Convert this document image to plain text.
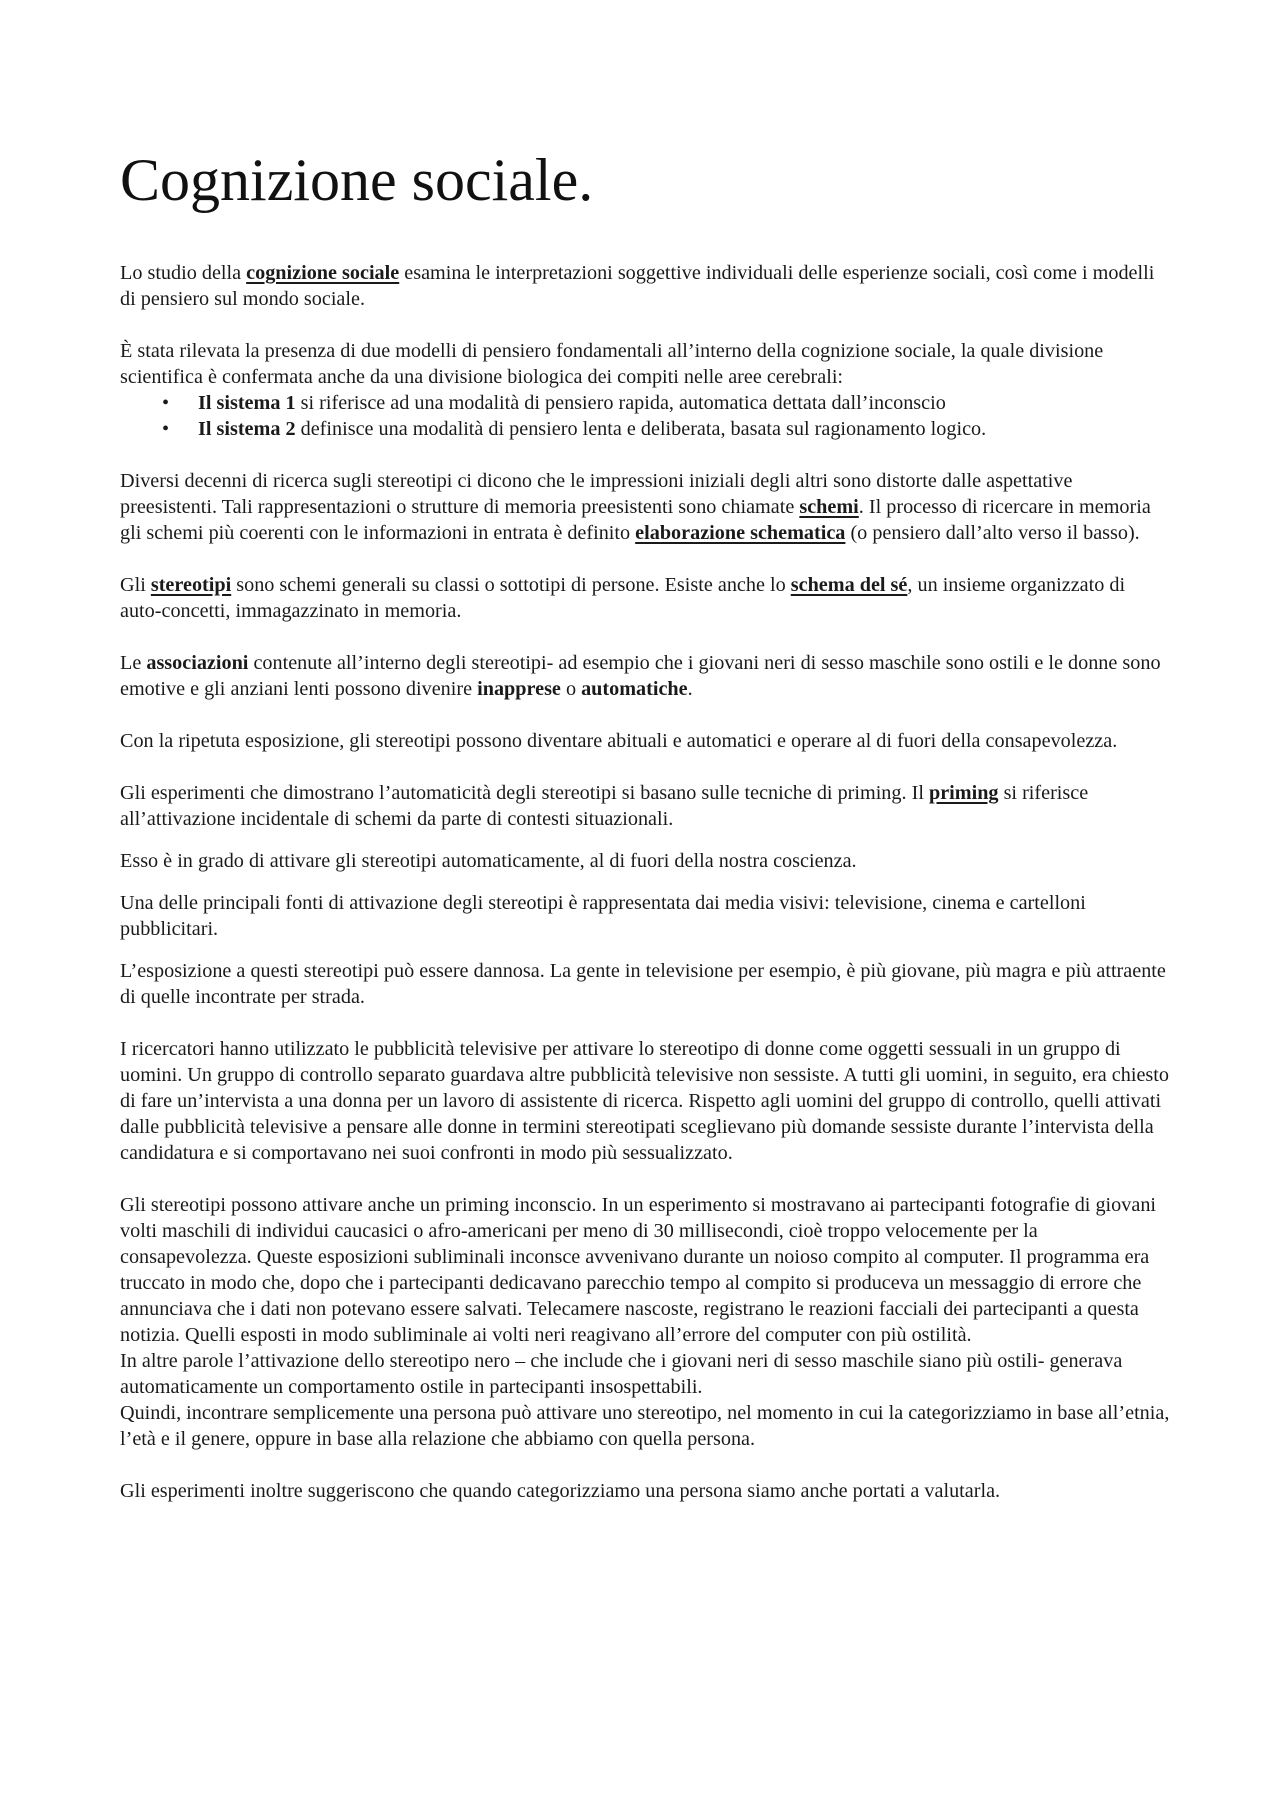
Cognizione sociale.

Lo studio della cognizione sociale esamina le interpretazioni soggettive individuali delle esperienze sociali, così come i modelli di pensiero sul mondo sociale.

È stata rilevata la presenza di due modelli di pensiero fondamentali all’interno della cognizione sociale, la quale divisione scientifica è confermata anche da una divisione biologica dei compiti nelle aree cerebrali:

• Il sistema 1 si riferisce ad una modalità di pensiero rapida, automatica dettata dall’inconscio
• Il sistema 2 definisce una modalità di pensiero lenta e deliberata, basata sul ragionamento logico.

Diversi decenni di ricerca sugli stereotipi ci dicono che le impressioni iniziali degli altri sono distorte dalle aspettative preesistenti. Tali rappresentazioni o strutture di memoria preesistenti sono chiamate schemi. Il processo di ricercare in memoria gli schemi più coerenti con le informazioni in entrata è definito elaborazione schematica (o pensiero dall’alto verso il basso).

Gli stereotipi sono schemi generali su classi o sottotipi di persone. Esiste anche lo schema del sé, un insieme organizzato di auto-concetti, immagazzinato in memoria.

Le associazioni contenute all’interno degli stereotipi- ad esempio che i giovani neri di sesso maschile sono ostili e le donne sono emotive e gli anziani lenti possono divenire inapprese o automatiche.

Con la ripetuta esposizione, gli stereotipi possono diventare abituali e automatici e operare al di fuori della consapevolezza.

Gli esperimenti che dimostrano l’automaticità degli stereotipi si basano sulle tecniche di priming. Il priming si riferisce all’attivazione incidentale di schemi da parte di contesti situazionali.

Esso è in grado di attivare gli stereotipi automaticamente, al di fuori della nostra coscienza.

Una delle principali fonti di attivazione degli stereotipi è rappresentata dai media visivi: televisione, cinema e cartelloni pubblicitari.

L’esposizione a questi stereotipi può essere dannosa. La gente in televisione per esempio, è più giovane, più magra e più attraente di quelle incontrate per strada.

I ricercatori hanno utilizzato le pubblicità televisive per attivare lo stereotipo di donne come oggetti sessuali in un gruppo di uomini. Un gruppo di controllo separato guardava altre pubblicità televisive non sessiste. A tutti gli uomini, in seguito, era chiesto di fare un’intervista a una donna per un lavoro di assistente di ricerca. Rispetto agli uomini del gruppo di controllo, quelli attivati dalle pubblicità televisive a pensare alle donne in termini stereotipati sceglievano più domande sessiste durante l’intervista della candidatura e si comportavano nei suoi confronti in modo più sessualizzato.

Gli stereotipi possono attivare anche un priming inconscio. In un esperimento si mostravano ai partecipanti fotografie di giovani volti maschili di individui caucasici o afro-americani per meno di 30 millisecondi, cioè troppo velocemente per la consapevolezza. Queste esposizioni subliminali inconsce avvenivano durante un noioso compito al computer. Il programma era truccato in modo che, dopo che i partecipanti dedicavano parecchio tempo al compito si produceva un messaggio di errore che annunciava che i dati non potevano essere salvati. Telecamere nascoste, registrano le reazioni facciali dei partecipanti a questa notizia. Quelli esposti in modo subliminale ai volti neri reagivano all’errore del computer con più ostilità.

In altre parole l’attivazione dello stereotipo nero – che include che i giovani neri di sesso maschile siano più ostili- generava automaticamente un comportamento ostile in partecipanti insospettabili.

Quindi, incontrare semplicemente una persona può attivare uno stereotipo, nel momento in cui la categorizziamo in base all’etnia, l’età e il genere, oppure in base alla relazione che abbiamo con quella persona.

Gli esperimenti inoltre suggeriscono che quando categorizziamo una persona siamo anche portati a valutarla.
